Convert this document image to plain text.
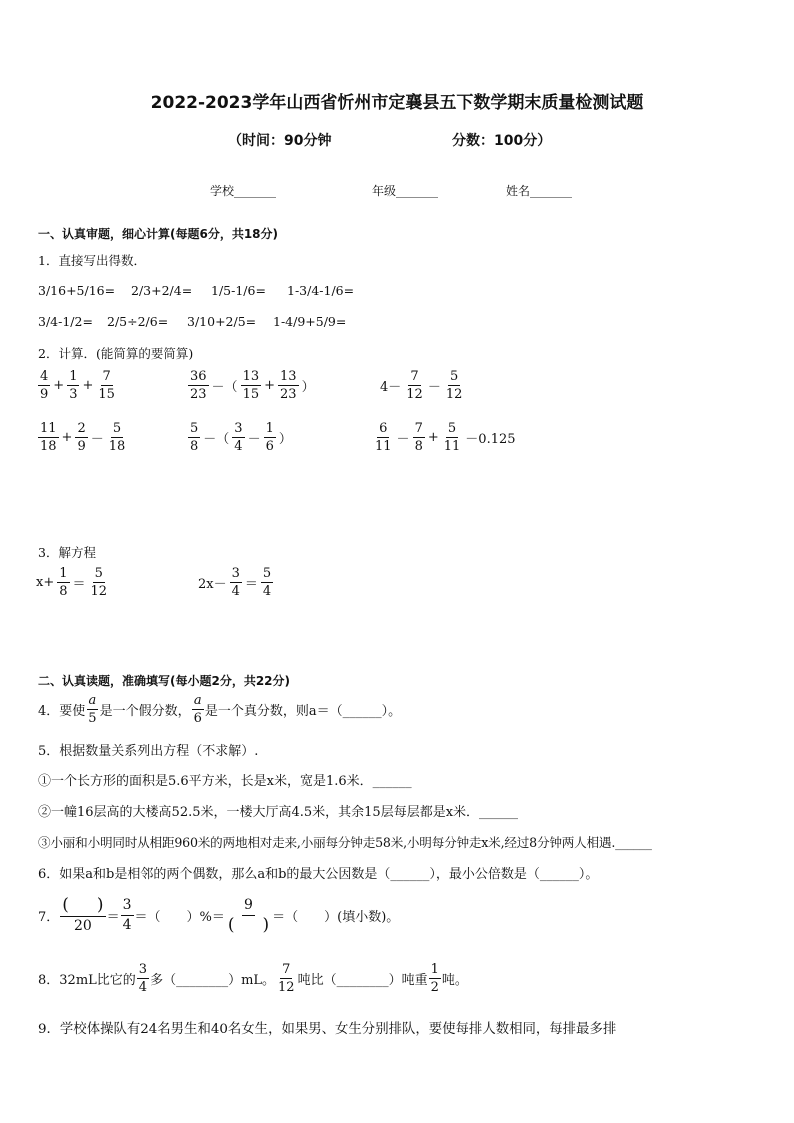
2022-2023学年山西省忻州市定襄县五下数学期末质量检测试题
（时间：90分钟	分数：100分）
学校_______	年级_______	姓名_______
一、认真审题，细心计算(每题6分，共18分)
1．直接写出得数．
3/16+5/16= 2/3+2/4= 1/5-1/6= 1-3/4-1/6=
3/4-1/2= 2/5÷2/6= 3/10+2/5= 1-4/9+5/9=
2．计算．(能简算的要简算)
$\frac{4}{9} + \frac{1}{3} + \frac{7}{15}$	$\frac{36}{23}$ －（ $\frac{13}{15} + \frac{13}{23}$ ）	$4- \frac{7}{12} - \frac{5}{12}$
$\frac{11}{18} + \frac{2}{9} - \frac{5}{18}$	$\frac{5}{8}$ －（ $\frac{3}{4} - \frac{1}{6}$ ）	$\frac{6}{11} - \frac{7}{8} + \frac{5}{11} -0.125$
3．解方程
$x+ \frac{1}{8} = \frac{5}{12}$	$2x- \frac{3}{4} = \frac{5}{4}$
二、认真读题，准确填写(每小题2分，共22分)
4．要使 $\frac{a}{5}$ 是一个假分数， $\frac{a}{6}$ 是一个真分数，则a＝（______）。
5．根据数量关系列出方程（不求解）.
①一个长方形的面积是5.6平方米，长是x米，宽是1.6米．______
②一幢16层高的大楼高52.5米，一楼大厅高4.5米，其余15层每层都是x米．______
③小丽和小明同时从相距960米的两地相对走来,小丽每分钟走58米,小明每分钟走x米,经过8分钟两人相遇.______
6．如果a和b是相邻的两个偶数，那么a和b的最大公因数是（______），最小公倍数是（______）。
7． $\frac{( )}{20} = \frac{3}{4}$ ＝（　　）%＝ $\frac{9}{( )}$ ＝（　　）(填小数)。
8．32mL比它的 $\frac{3}{4}$ 多（________）mL。 $\frac{7}{12}$ 吨比（________）吨重 $\frac{1}{2}$ 吨。
9．学校体操队有24名男生和40名女生，如果男、女生分别排队，要使每排人数相同，每排最多排
